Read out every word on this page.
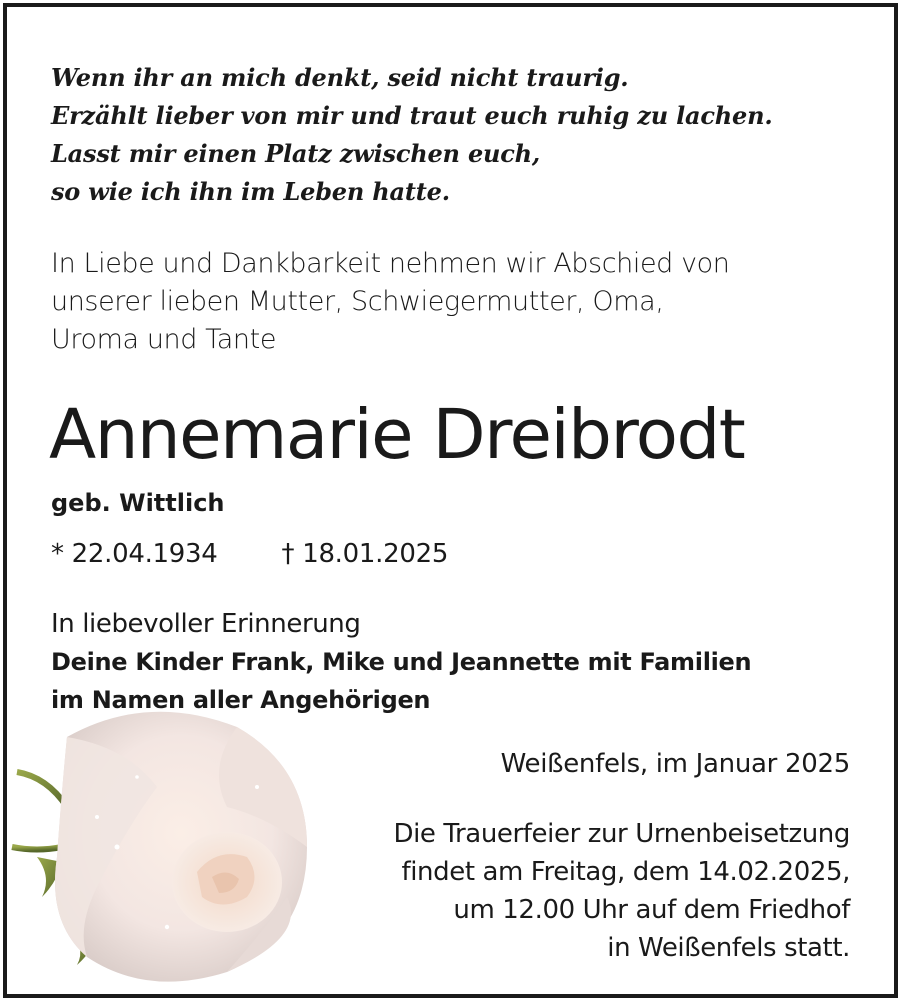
Wenn ihr an mich denkt, seid nicht traurig.
Erzählt lieber von mir und traut euch ruhig zu lachen.
Lasst mir einen Platz zwischen euch,
so wie ich ihn im Leben hatte.
In Liebe und Dankbarkeit nehmen wir Abschied von
unserer lieben Mutter, Schwiegermutter, Oma,
Uroma und Tante
Annemarie Dreibrodt
geb. Wittlich
* 22.04.1934 † 18.01.2025
In liebevoller Erinnerung
Deine Kinder Frank, Mike und Jeannette mit Familien
im Namen aller Angehörigen
Weißenfels, im Januar 2025
Die Trauerfeier zur Urnenbeisetzung
findet am Freitag, dem 14.02.2025,
um 12.00 Uhr auf dem Friedhof
in Weißenfels statt.
